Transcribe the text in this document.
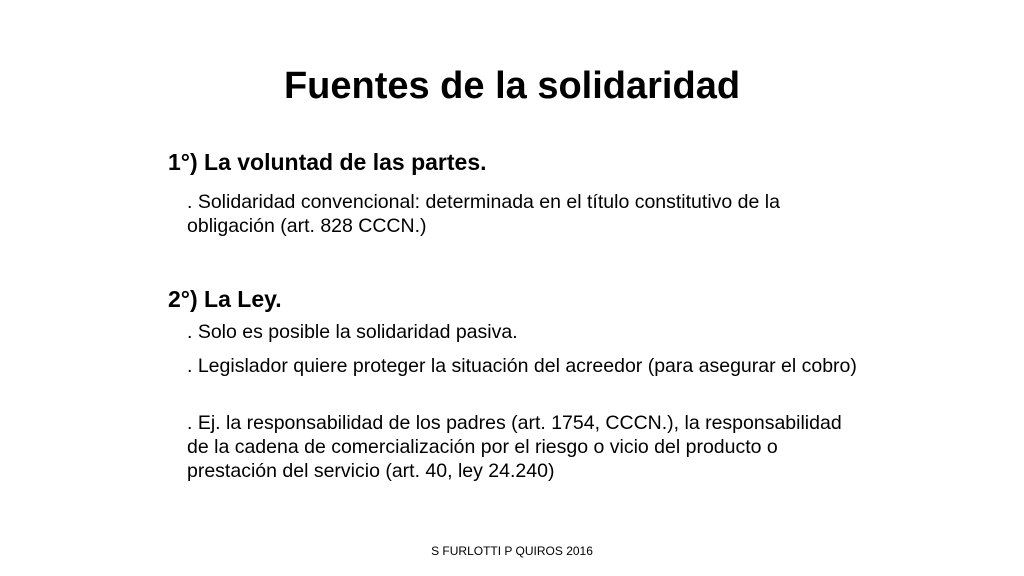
Fuentes de la solidaridad
1°) La voluntad de las partes.
. Solidaridad convencional: determinada en el título constitutivo de la obligación (art. 828 CCCN.)
2°) La Ley.
. Solo es posible la solidaridad pasiva.
. Legislador quiere proteger la situación del acreedor (para asegurar el cobro)
. Ej. la responsabilidad de los padres (art. 1754, CCCN.), la responsabilidad de la cadena de comercialización por el riesgo o vicio del producto o prestación del servicio (art. 40, ley 24.240)
S FURLOTTI P QUIROS 2016
